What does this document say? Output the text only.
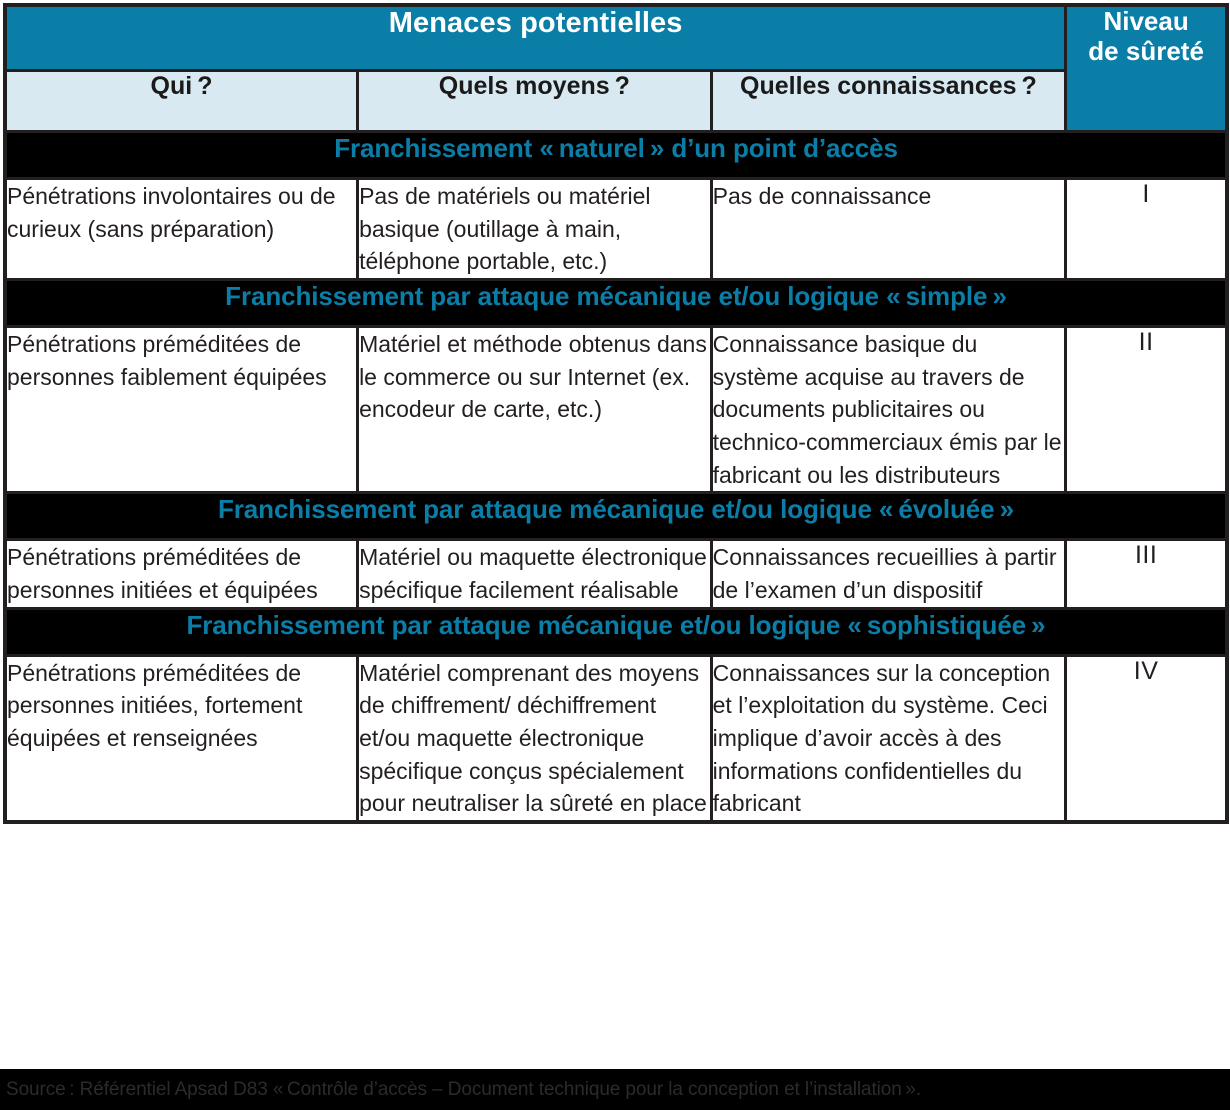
Menaces potentielles			Niveau
de sûreté

Qui ?	Quels moyens ?	Quelles connaissances ?	
Franchissement « naturel » d’un point d’accès			
Pénétrations involontaires ou de curieux (sans préparation)	Pas de matériels ou matériel basique (outillage à main, téléphone portable, etc.)	Pas de connaissance	I
Franchissement par attaque mécanique et/ou logique « simple »			
Pénétrations préméditées de personnes faiblement équipées	Matériel et méthode obtenus dans le commerce ou sur Internet (ex. encodeur de carte, etc.)	Connaissance basique du système acquise au travers de documents publicitaires ou technico-commerciaux émis par le fabricant ou les distributeurs	II
Franchissement par attaque mécanique et/ou logique « évoluée »			
Pénétrations préméditées de personnes initiées et équipées	Matériel ou maquette électronique spécifique facilement réalisable	Connaissances recueillies à partir de l’examen d’un dispositif	III
Franchissement par attaque mécanique et/ou logique « sophistiquée »			
Pénétrations préméditées de personnes initiées, fortement équipées et renseignées	Matériel comprenant des moyens de chiffrement/ déchiffrement et/ou maquette électronique spécifique conçus spécialement pour neutraliser la sûreté en place	Connaissances sur la conception et l’exploitation du système. Ceci implique d’avoir accès à des informations confidentielles du fabricant	IV
Source : Référentiel Apsad D83 « Contrôle d’accès – Document technique pour la conception et l’installation ».
